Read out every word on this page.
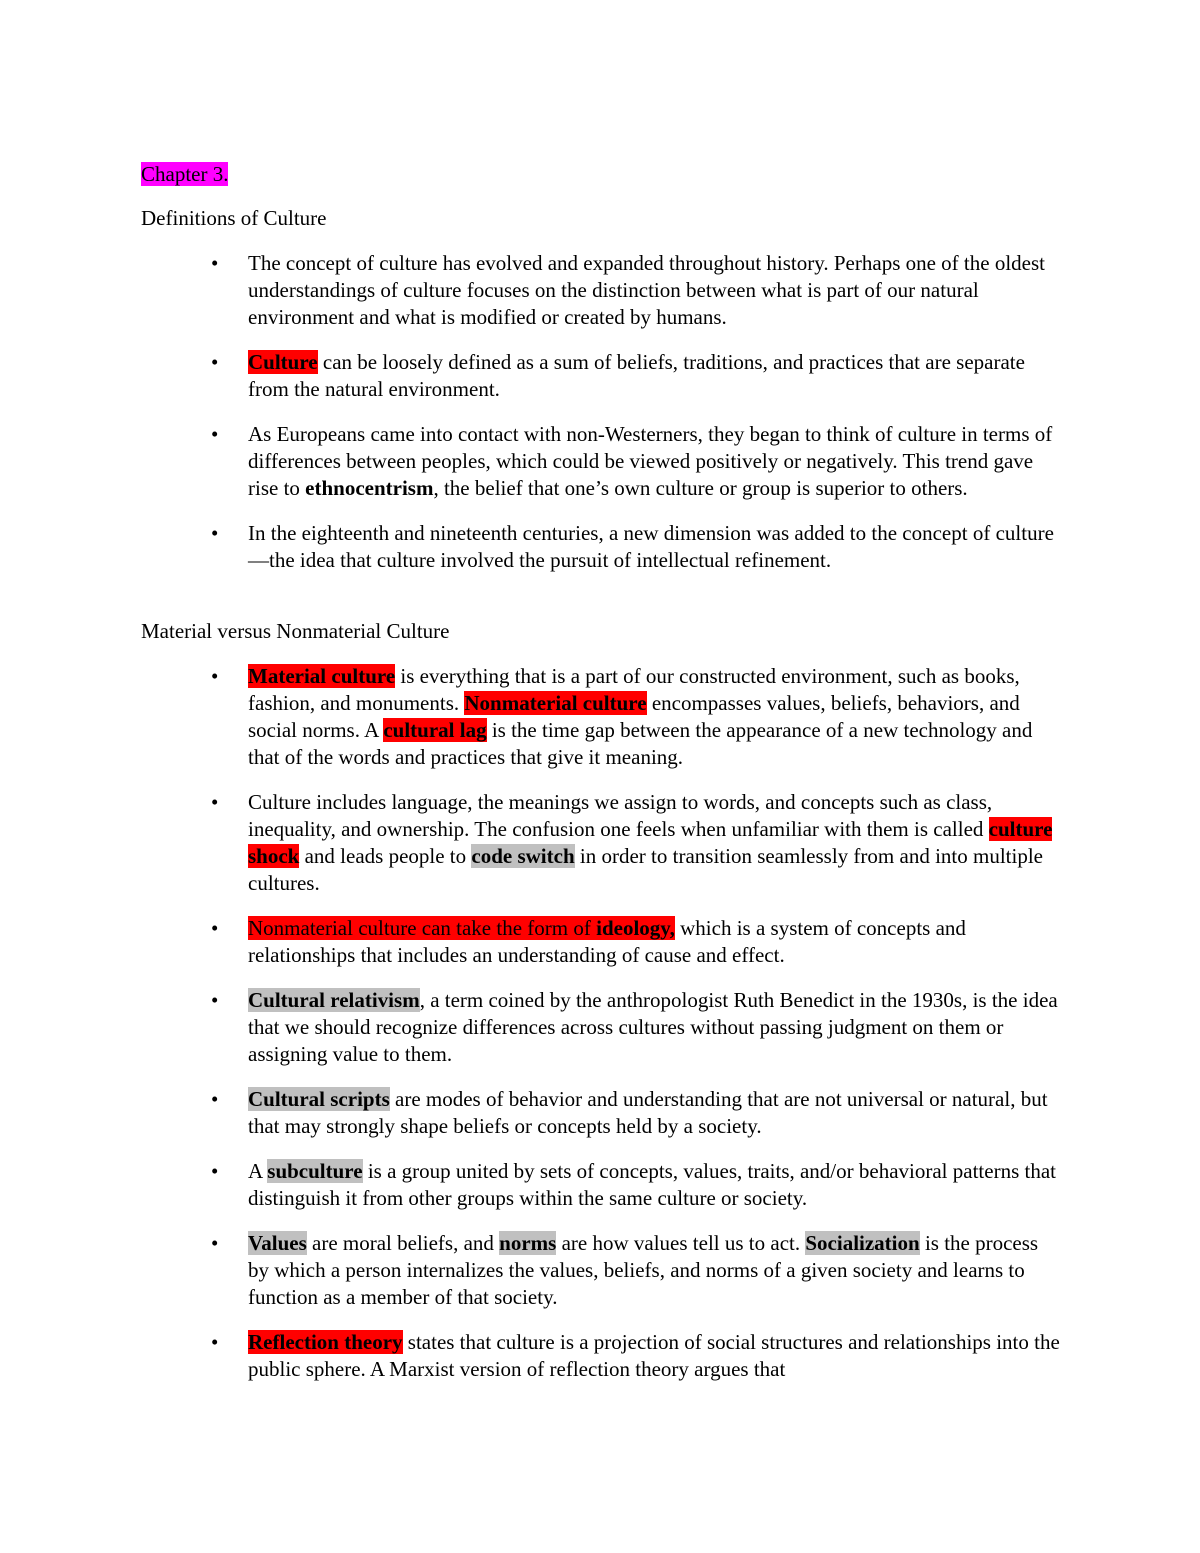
Chapter 3.

Definitions of Culture
• The concept of culture has evolved and expanded throughout history. Perhaps one of the oldest understandings of culture focuses on the distinction between what is part of our natural environment and what is modified or created by humans.
• Culture can be loosely defined as a sum of beliefs, traditions, and practices that are separate from the natural environment.
• As Europeans came into contact with non-Westerners, they began to think of culture in terms of differences between peoples, which could be viewed positively or negatively. This trend gave rise to ethnocentrism, the belief that one’s own culture or group is superior to others.
• In the eighteenth and nineteenth centuries, a new dimension was added to the concept of culture—the idea that culture involved the pursuit of intellectual refinement.
Material versus Nonmaterial Culture
• Material culture is everything that is a part of our constructed environment, such as books, fashion, and monuments. Nonmaterial culture encompasses values, beliefs, behaviors, and social norms. A cultural lag is the time gap between the appearance of a new technology and that of the words and practices that give it meaning.
• Culture includes language, the meanings we assign to words, and concepts such as class, inequality, and ownership. The confusion one feels when unfamiliar with them is called culture shock and leads people to code switch in order to transition seamlessly from and into multiple cultures.
• Nonmaterial culture can take the form of ideology, which is a system of concepts and relationships that includes an understanding of cause and effect.
• Cultural relativism, a term coined by the anthropologist Ruth Benedict in the 1930s, is the idea that we should recognize differences across cultures without passing judgment on them or assigning value to them.
• Cultural scripts are modes of behavior and understanding that are not universal or natural, but that may strongly shape beliefs or concepts held by a society.
• A subculture is a group united by sets of concepts, values, traits, and/or behavioral patterns that distinguish it from other groups within the same culture or society.
• Values are moral beliefs, and norms are how values tell us to act. Socialization is the process by which a person internalizes the values, beliefs, and norms of a given society and learns to function as a member of that society.
• Reflection theory states that culture is a projection of social structures and relationships into the public sphere. A Marxist version of reflection theory argues that
